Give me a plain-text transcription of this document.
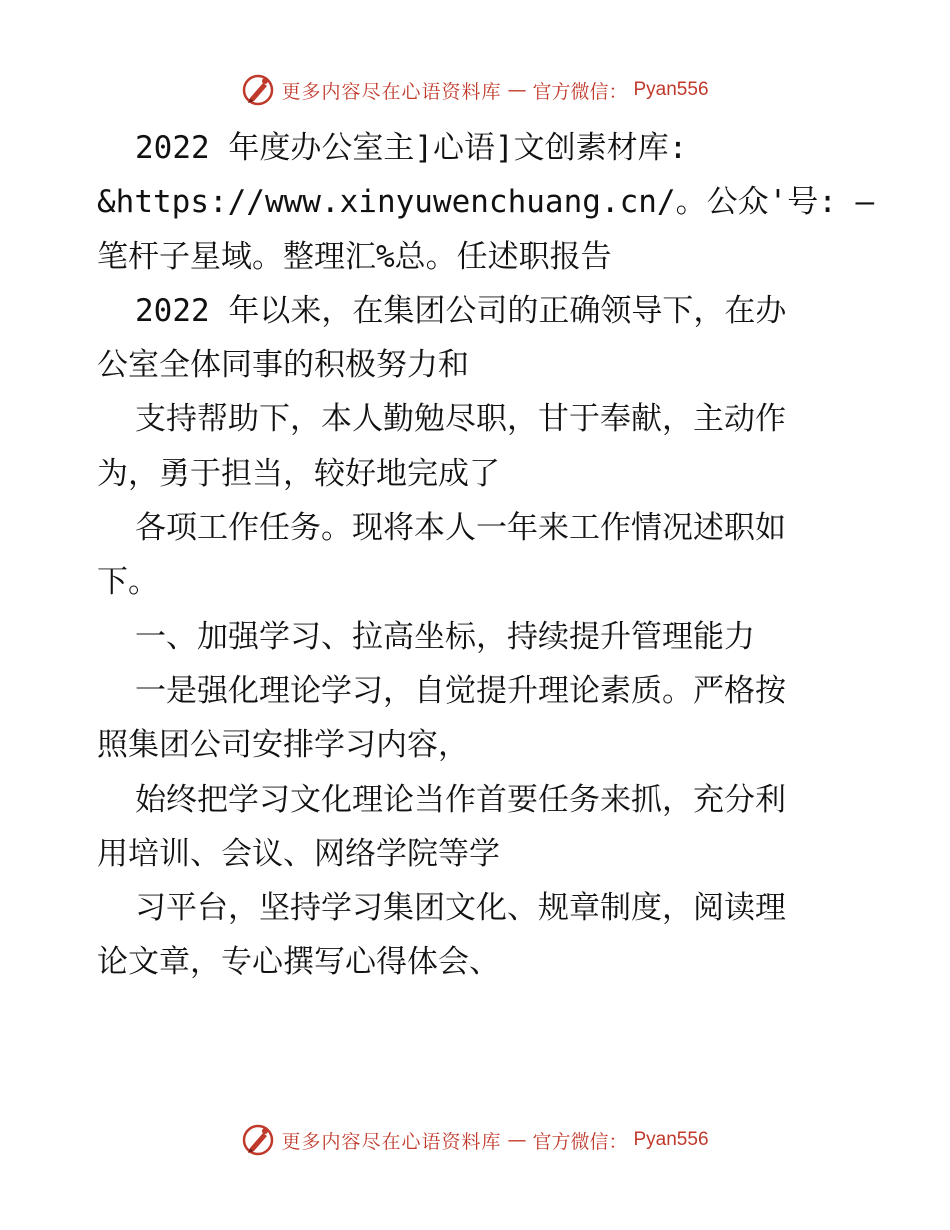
更多内容尽在心语资料库 — 官方微信： Pyan556
2022 年度办公室主]心语]文创素材库:
&https://www.xinyuwenchuang.cn/。公众'号: —
笔杆子星域。整理汇%总。任述职报告
2022 年以来，在集团公司的正确领导下，在办
公室全体同事的积极努力和
支持帮助下，本人勤勉尽职，甘于奉献，主动作
为，勇于担当，较好地完成了
各项工作任务。现将本人一年来工作情况述职如
下。
一、加强学习、拉高坐标，持续提升管理能力
一是强化理论学习，自觉提升理论素质。严格按
照集团公司安排学习内容，
始终把学习文化理论当作首要任务来抓，充分利
用培训、会议、网络学院等学
习平台，坚持学习集团文化、规章制度，阅读理
论文章，专心撰写心得体会、
更多内容尽在心语资料库 — 官方微信： Pyan556
